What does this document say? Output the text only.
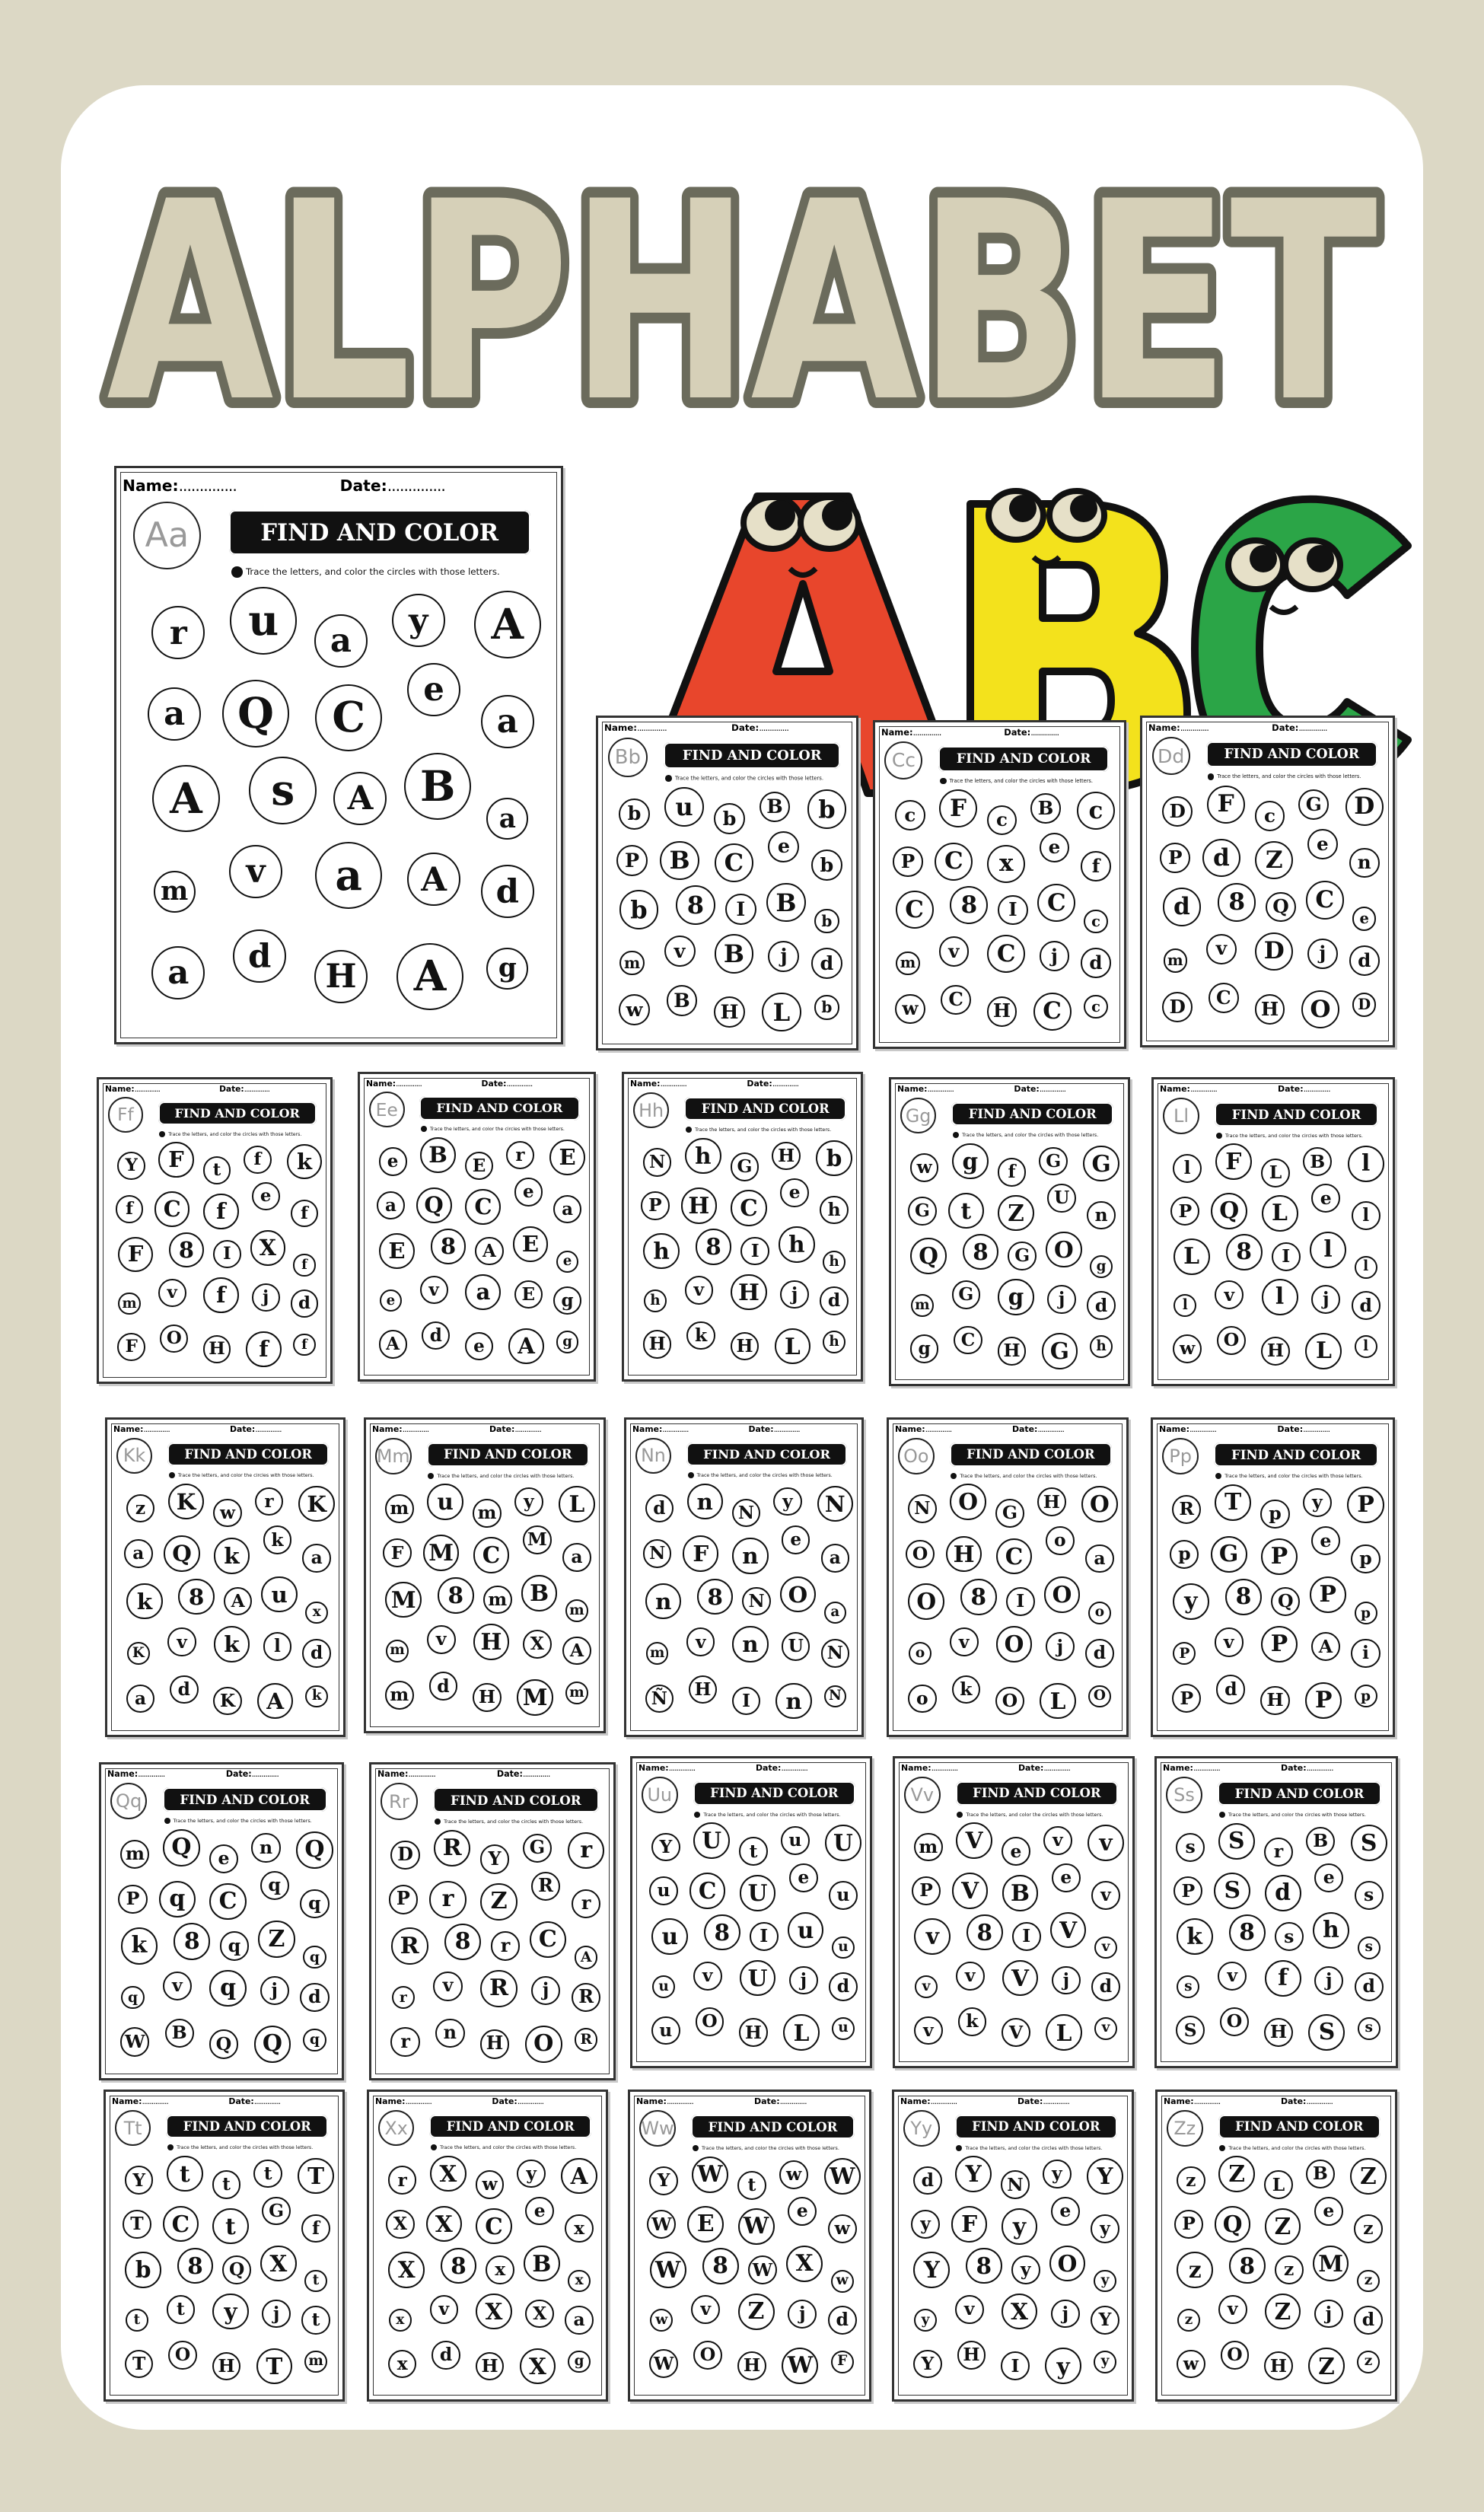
ALPHABET
Name:..............	Date:..............
Aa	FIND AND COLOR
Trace the letters, and color the circles with those letters.
r	u	a
y	A
a	Q	C
e
a
A	s	A	B
a
m
v	a	A	d
a	d
H	A	g
Name:..............	Date:..............
Bb	FIND AND COLOR
Trace the letters, and color the circles with those letters.
b	u	b
B	b
P	B	C
e
b
b	8	I	B
b
m
v	B	j	d
w	B
H	L	b
Name:..............	Date:..............
Cc	FIND AND COLOR
Trace the letters, and color the circles with those letters.
c	F	c
B	c
P	C	x
e
f
C	8	I	C
c
m
v	C	j	d
w	C
H	C	c
Name:..............	Date:..............
Dd	FIND AND COLOR
Trace the letters, and color the circles with those letters.
D	F	c
G	D
P	d	Z
e
n
d	8	Q	C
e
m
v	D	j	d
D	C
H	O	D
Name:..............	Date:..............
Ff	FIND AND COLOR
Trace the letters, and color the circles with those letters.
Y	F	t
f	k
f	C	f
e
f
F	8	I	X
f
m
v	f	j	d
F	O
H	f	f
Name:..............	Date:..............
Ee	FIND AND COLOR
Trace the letters, and color the circles with those letters.
e	B	E
r	E
a	Q	C
e
a
E	8	A	E
e
e
v	a	E	g
A	d
e	A	g
Name:..............	Date:..............
Hh	FIND AND COLOR
Trace the letters, and color the circles with those letters.
N	h	G
H	b
P	H	C
e
h
h	8	I	h
h
h
v	H	j	d
H	k
H	L	h
Name:..............	Date:..............
Gg	FIND AND COLOR
Trace the letters, and color the circles with those letters.
w	g	f
G	G
G	t	Z
U
n
Q	8	G	O
g
m
G	g	j	d
g	C
H	G	h
Name:..............	Date:..............
Ll	FIND AND COLOR
Trace the letters, and color the circles with those letters.
l	F	L
B	l
P	Q	L
e
l
L	8	I	l
l
l
v	l	j	d
w	O
H	L	l
Name:..............	Date:..............
Kk	FIND AND COLOR
Trace the letters, and color the circles with those letters.
z	K	w
r	K
a	Q	k
k
a
k	8	A	u
x
K
v	k	l	d
a	d
K	A	k
Name:..............	Date:..............
Mm	FIND AND COLOR
Trace the letters, and color the circles with those letters.
m	u	m
y	L
F	M	C
M
a
M	8	m	B
m
m
v	H	X	A
m	d
H M	m
Name:..............	Date:..............
Nn	FIND AND COLOR
Trace the letters, and color the circles with those letters.
d	n	N
y	N
N	F	n
e
a
n	8	N	O
a
m
v	n	U	N
Ñ	H
I	n	N
Name:..............	Date:..............
Oo	FIND AND COLOR
Trace the letters, and color the circles with those letters.
N	O	G
H	O
O	H	C
o
a
O	8	I	O
o
o
v	O	j	d
o	k
O	L	O
Name:..............	Date:..............
Pp	FIND AND COLOR
Trace the letters, and color the circles with those letters.
R	T	p
y	P
p	G	P
e
p
y	8	Q	P
p
P
v	P	A	i
P	d
H	P	p
Name:..............	Date:..............
Qq	FIND AND COLOR
Trace the letters, and color the circles with those letters.
m	Q	e
n	Q
P	q	C
q
q
k	8	q	Z
q
q
v	q	j	d
W	B
Q	Q	q
Name:..............	Date:..............
Rr	FIND AND COLOR
Trace the letters, and color the circles with those letters.
D	R	Y
G	r
P	r	Z
R
r
R	8	r	C
A
r
v	R	j	R
r	n
H	O	R
Name:..............	Date:..............
Uu	FIND AND COLOR
Trace the letters, and color the circles with those letters.
Y	U	t
u	U
u	C	U
e
u
u	8	I	u
u
u
v	U	j	d
u	O
H	L	u
Name:..............	Date:..............
Vv	FIND AND COLOR
Trace the letters, and color the circles with those letters.
m	V	e
v	v
P	V	B
e
v
v	8	I	V
v
v
v	V	j	d
v	k
V	L	v
Name:..............	Date:..............
Ss	FIND AND COLOR
Trace the letters, and color the circles with those letters.
s	S	r
B	S
P	S	d
e
s
k	8	s	h
s
s
v	f	j	d
S	O
H	S	s
Name:..............	Date:..............
Tt	FIND AND COLOR
Trace the letters, and color the circles with those letters.
Y	t	t
t	T
T	C	t
G
f
b	8	Q	X
t
t
t	y	j	t
T	O
H	T	m
Name:..............	Date:..............
Xx	FIND AND COLOR
Trace the letters, and color the circles with those letters.
r	X	w
y	A
X	X	C
e
x
X	8	x	B
x
x
v	X	X	a
x	d
H	X	g
Name:..............	Date:..............
Ww	FIND AND COLOR
Trace the letters, and color the circles with those letters.
Y	W	t
w W
W	E	W
e
w
W	8	W	X
w
w
v	Z	j	d
W	O
H W	F
Name:..............	Date:..............
Yy	FIND AND COLOR
Trace the letters, and color the circles with those letters.
d	Y	N
y	Y
y	F	y
e
y
Y	8	y	O
y
y
v	X	j	Y
Y	H
I	y	y
Name:..............	Date:..............
Zz	FIND AND COLOR
Trace the letters, and color the circles with those letters.
z	Z	L
B	Z
P	Q	Z
e
z
z	8	z	M
z
z
v	Z	j	d
w	O
H	Z	z
